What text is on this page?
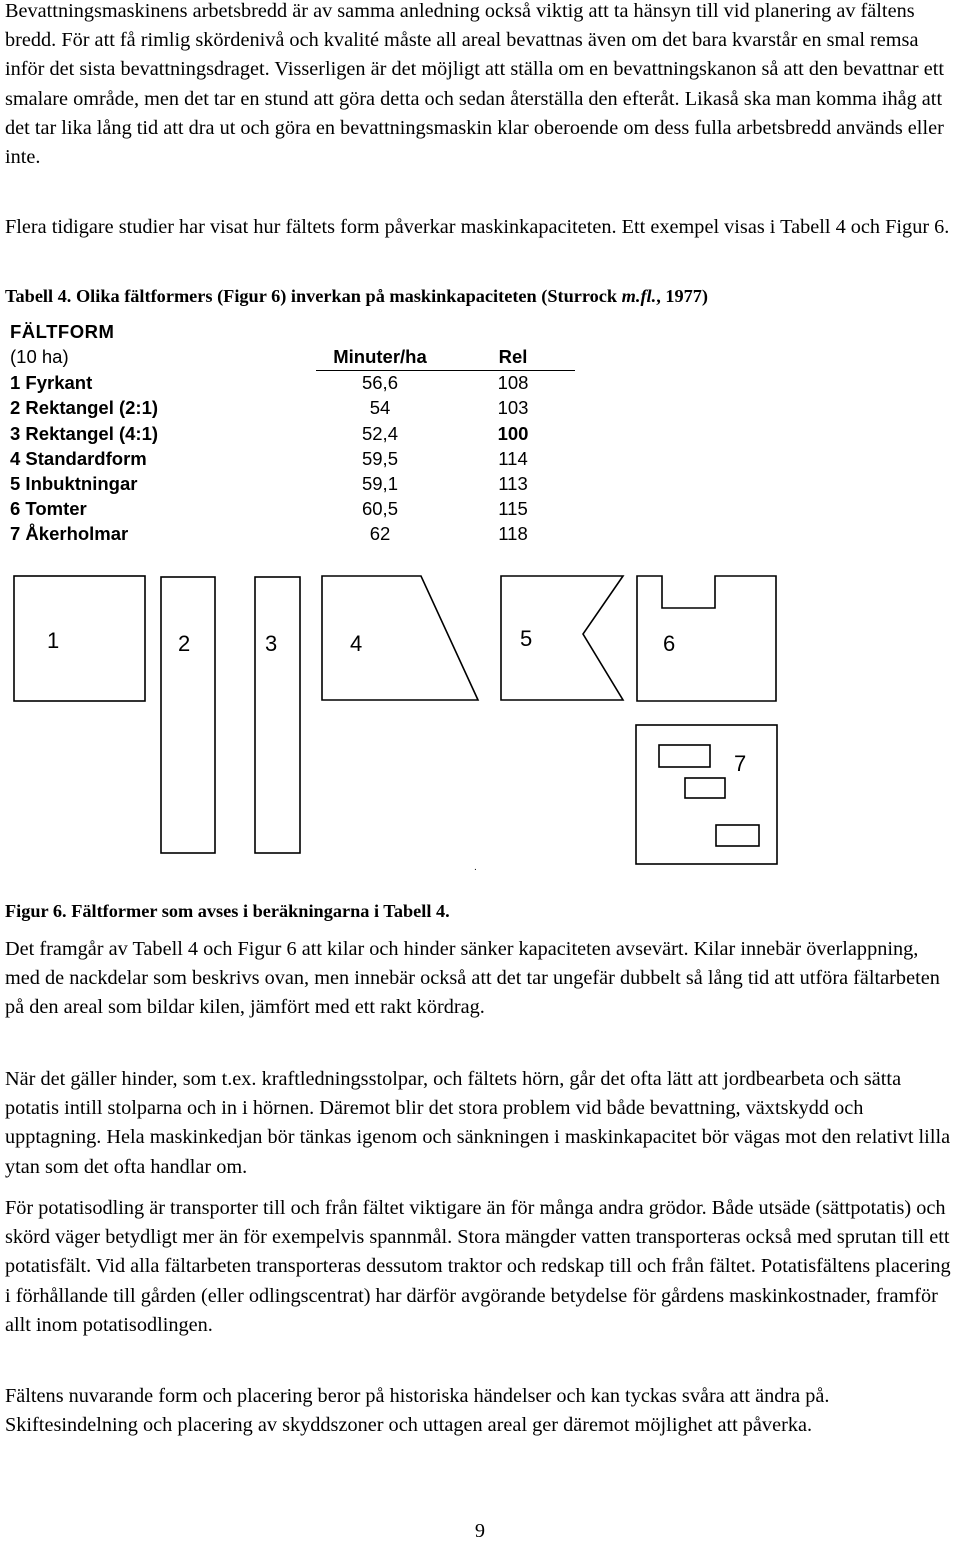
Bevattningsmaskinens arbetsbredd är av samma anledning också viktig att ta hänsyn till vid planering av fältens bredd. För att få rimlig skördenivå och kvalité måste all areal bevattnas även om det bara kvarstår en smal remsa inför det sista bevattningsdraget. Visserligen är det möjligt att ställa om en bevattningskanon så att den bevattnar ett smalare område, men det tar en stund att göra detta och sedan återställa den efteråt. Likaså ska man komma ihåg att det tar lika lång tid att dra ut och göra en bevattningsmaskin klar oberoende om dess fulla arbetsbredd används eller inte.

Flera tidigare studier har visat hur fältets form påverkar maskinkapaciteten. Ett exempel visas i Tabell 4 och Figur 6.

Tabell 4. Olika fältformers (Figur 6) inverkan på maskinkapaciteten (Sturrock m.fl., 1977)

FÄLTFORM
(10 ha)	Minuter/ha	Rel
1 Fyrkant	56,6	108
2 Rektangel (2:1)	54	103
3 Rektangel (4:1)	52,4	100
4 Standardform	59,5	114
5 Inbuktningar	59,1	113
6 Tomter	60,5	115
7 Åkerholmar	62	118
1	2	3	4	5	6
7
.

Figur 6. Fältformer som avses i beräkningarna i Tabell 4.

Det framgår av Tabell 4 och Figur 6 att kilar och hinder sänker kapaciteten avsevärt. Kilar innebär överlappning, med de nackdelar som beskrivs ovan, men innebär också att det tar ungefär dubbelt så lång tid att utföra fältarbeten på den areal som bildar kilen, jämfört med ett rakt kördrag.

När det gäller hinder, som t.ex. kraftledningsstolpar, och fältets hörn, går det ofta lätt att jordbearbeta och sätta potatis intill stolparna och in i hörnen. Däremot blir det stora problem vid både bevattning, växtskydd och upptagning. Hela maskinkedjan bör tänkas igenom och sänkningen i maskinkapacitet bör vägas mot den relativt lilla ytan som det ofta handlar om.

För potatisodling är transporter till och från fältet viktigare än för många andra grödor. Både utsäde (sättpotatis) och skörd väger betydligt mer än för exempelvis spannmål. Stora mängder vatten transporteras också med sprutan till ett potatisfält. Vid alla fältarbeten transporteras dessutom traktor och redskap till och från fältet. Potatisfältens placering i förhållande till gården (eller odlingscentrat) har därför avgörande betydelse för gårdens maskinkostnader, framför allt inom potatisodlingen.

Fältens nuvarande form och placering beror på historiska händelser och kan tyckas svåra att ändra på. Skiftesindelning och placering av skyddszoner och uttagen areal ger däremot möjlighet att påverka.

9
